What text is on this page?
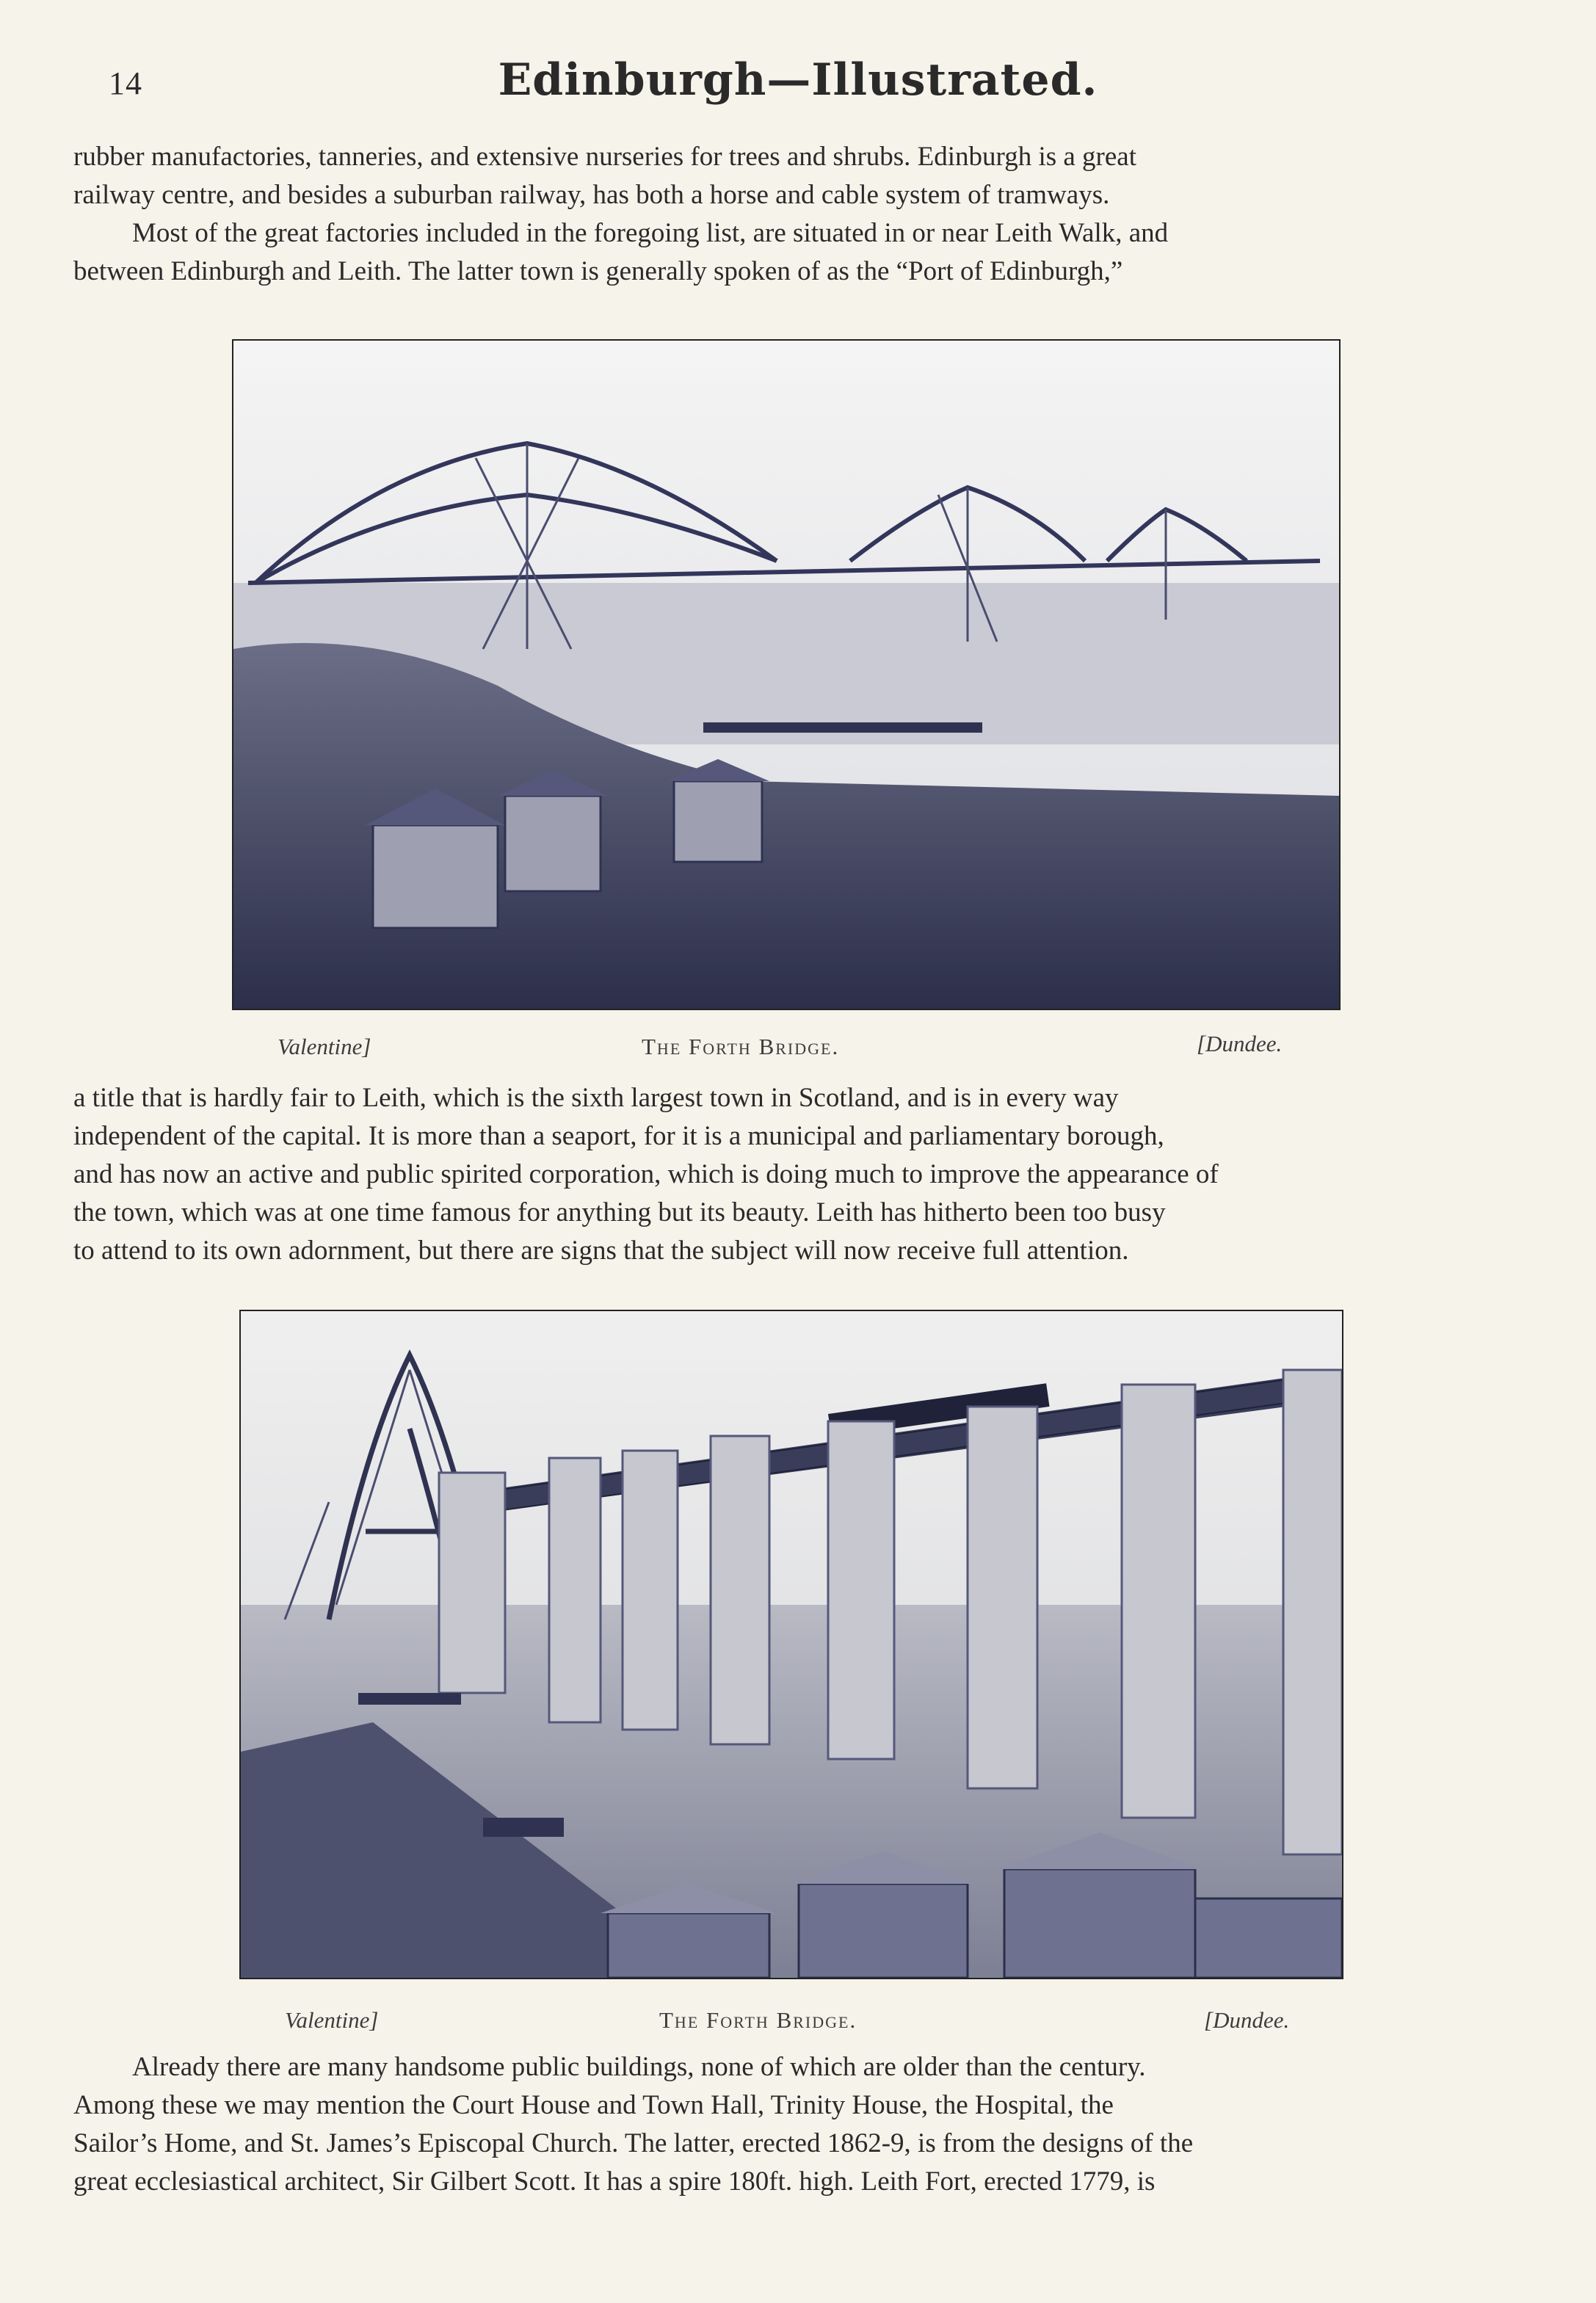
14	Edinburgh—Illustrated.

rubber manufactories, tanneries, and extensive nurseries for trees and shrubs. Edinburgh is a great
railway centre, and besides a suburban railway, has both a horse and cable system of tramways.
Most of the great factories included in the foregoing list, are situated in or near Leith Walk, and
between Edinburgh and Leith. The latter town is generally spoken of as the “Port of Edinburgh,”

Valentine]	The Forth Bridge.	[Dundee.

a title that is hardly fair to Leith, which is the sixth largest town in Scotland, and is in every way
independent of the capital. It is more than a seaport, for it is a municipal and parliamentary borough,
and has now an active and public spirited corporation, which is doing much to improve the appearance of
the town, which was at one time famous for anything but its beauty. Leith has hitherto been too busy
to attend to its own adornment, but there are signs that the subject will now receive full attention.

Valentine]	The Forth Bridge.	[Dundee.

Already there are many handsome public buildings, none of which are older than the century.
Among these we may mention the Court House and Town Hall, Trinity House, the Hospital, the
Sailor’s Home, and St. James’s Episcopal Church. The latter, erected 1862-9, is from the designs of the
great ecclesiastical architect, Sir Gilbert Scott. It has a spire 180ft. high. Leith Fort, erected 1779, is
